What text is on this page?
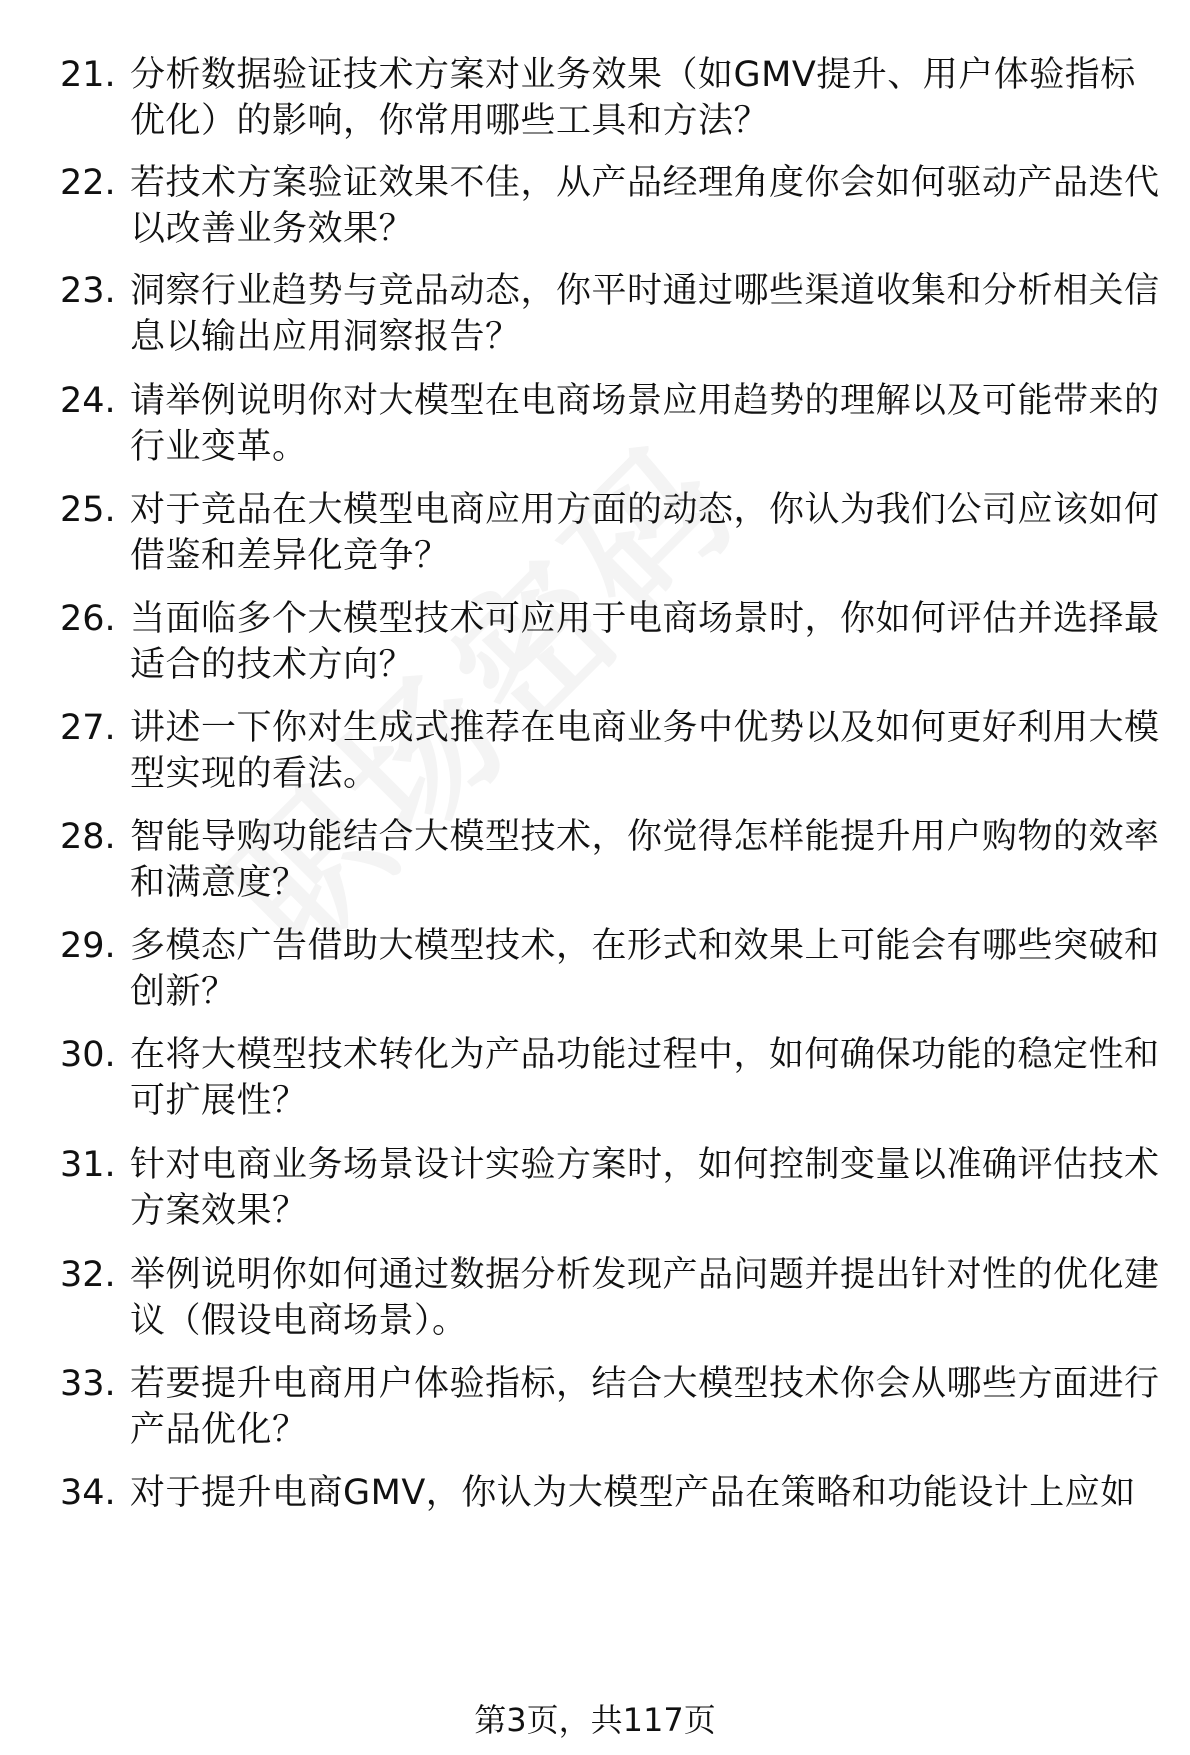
21. 分析数据验证技术方案对业务效果（如GMV提升、用户体验指标优化）的影响，你常用哪些工具和方法？
22. 若技术方案验证效果不佳，从产品经理角度你会如何驱动产品迭代以改善业务效果？
23. 洞察行业趋势与竞品动态，你平时通过哪些渠道收集和分析相关信息以输出应用洞察报告？
24. 请举例说明你对大模型在电商场景应用趋势的理解以及可能带来的行业变革。
25. 对于竞品在大模型电商应用方面的动态，你认为我们公司应该如何借鉴和差异化竞争？
26. 当面临多个大模型技术可应用于电商场景时，你如何评估并选择最适合的技术方向？
27. 讲述一下你对生成式推荐在电商业务中优势以及如何更好利用大模型实现的看法。
28. 智能导购功能结合大模型技术，你觉得怎样能提升用户购物的效率和满意度？
29. 多模态广告借助大模型技术，在形式和效果上可能会有哪些突破和创新？
30. 在将大模型技术转化为产品功能过程中，如何确保功能的稳定性和可扩展性？
31. 针对电商业务场景设计实验方案时，如何控制变量以准确评估技术方案效果？
32. 举例说明你如何通过数据分析发现产品问题并提出针对性的优化建议（假设电商场景）。
33. 若要提升电商用户体验指标，结合大模型技术你会从哪些方面进行产品优化？
34. 对于提升电商GMV，你认为大模型产品在策略和功能设计上应如
第3页，共117页
